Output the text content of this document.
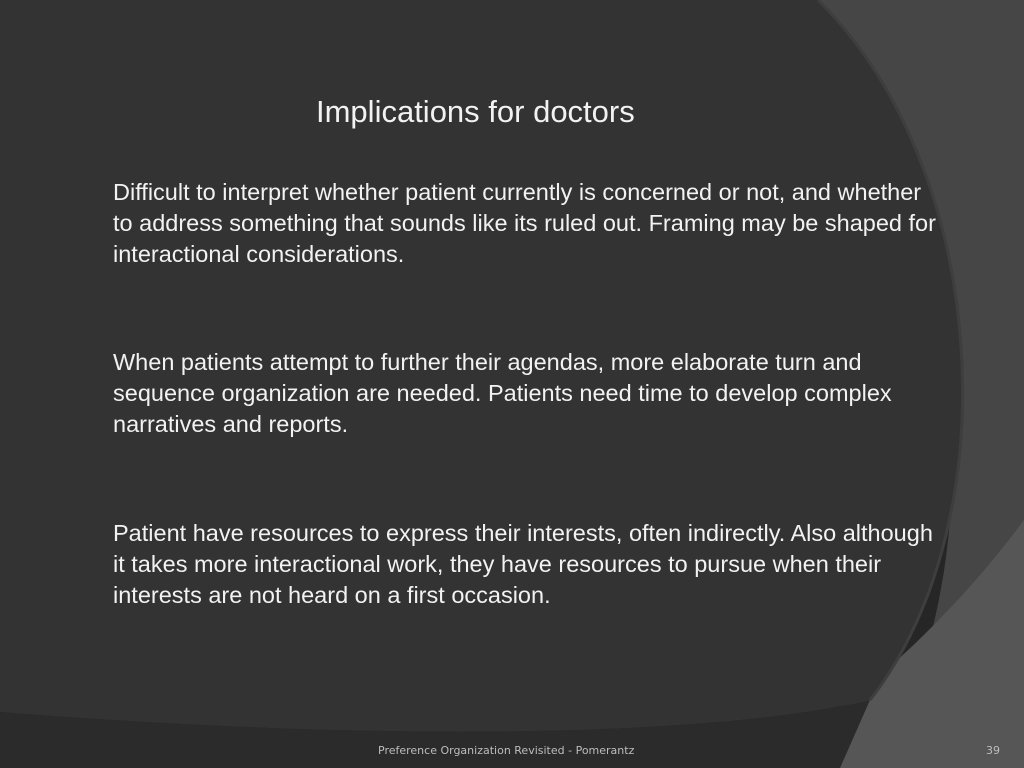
Implications for doctors
Difficult to interpret whether patient currently is concerned or not, and whether to address something that sounds like its ruled out. Framing may be shaped for interactional considerations.
When patients attempt to further their agendas, more elaborate turn and sequence organization are needed. Patients need time to develop complex narratives and reports.
Patient have resources to express their interests, often indirectly. Also although it takes more interactional work, they have resources to pursue when their interests are not heard on a first occasion.
Preference Organization Revisited - Pomerantz	39
